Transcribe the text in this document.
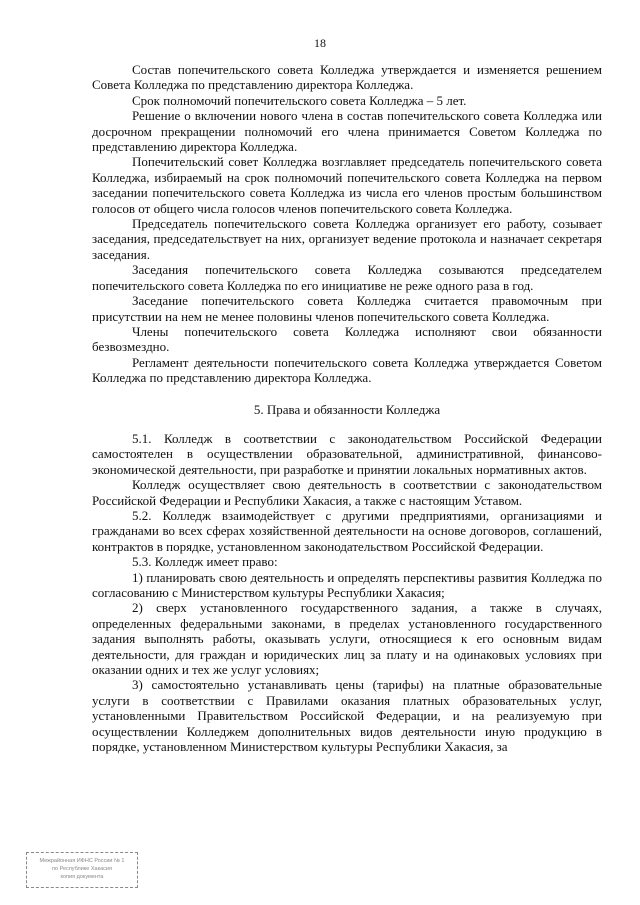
18

Состав попечительского совета Колледжа утверждается и изменяется решением Совета Колледжа по представлению директора Колледжа.

Срок полномочий попечительского совета Колледжа – 5 лет.

Решение о включении нового члена в состав попечительского совета Колледжа или досрочном прекращении полномочий его члена принимается Советом Колледжа по представлению директора Колледжа.

Попечительский совет Колледжа возглавляет председатель попечительского совета Колледжа, избираемый на срок полномочий попечительского совета Колледжа на первом заседании попечительского совета Колледжа из числа его членов простым большинством голосов от общего числа голосов членов попечительского совета Колледжа.

Председатель попечительского совета Колледжа организует его работу, созывает заседания, председательствует на них, организует ведение протокола и назначает секретаря заседания.

Заседания попечительского совета Колледжа созываются председателем попечительского совета Колледжа по его инициативе не реже одного раза в год.

Заседание попечительского совета Колледжа считается правомочным при присутствии на нем не менее половины членов попечительского совета Колледжа.

Члены попечительского совета Колледжа исполняют свои обязанности безвозмездно.

Регламент деятельности попечительского совета Колледжа утверждается Советом Колледжа по представлению директора Колледжа.

5. Права и обязанности Колледжа

5.1. Колледж в соответствии с законодательством Российской Федерации самостоятелен в осуществлении образовательной, административной, финансово-экономической деятельности, при разработке и принятии локальных нормативных актов.

Колледж осуществляет свою деятельность в соответствии с законодательством Российской Федерации и Республики Хакасия, а также с настоящим Уставом.

5.2. Колледж взаимодействует с другими предприятиями, организациями и гражданами во всех сферах хозяйственной деятельности на основе договоров, соглашений, контрактов в порядке, установленном законодательством Российской Федерации.

5.3. Колледж имеет право:

1) планировать свою деятельность и определять перспективы развития Колледжа по согласованию с Министерством культуры Республики Хакасия;

2) сверх установленного государственного задания, а также в случаях, определенных федеральными законами, в пределах установленного государственного задания выполнять работы, оказывать услуги, относящиеся к его основным видам деятельности, для граждан и юридических лиц за плату и на одинаковых условиях при оказании одних и тех же услуг условиях;

3) самостоятельно устанавливать цены (тарифы) на платные образовательные услуги в соответствии с Правилами оказания платных образовательных услуг, установленными Правительством Российской Федерации, и на реализуемую при осуществлении Колледжем дополнительных видов деятельности иную продукцию в порядке, установленном Министерством культуры Республики Хакасия, за

Межрайонная ИФНС России № 1
по Республике Хакасия
копия документа
